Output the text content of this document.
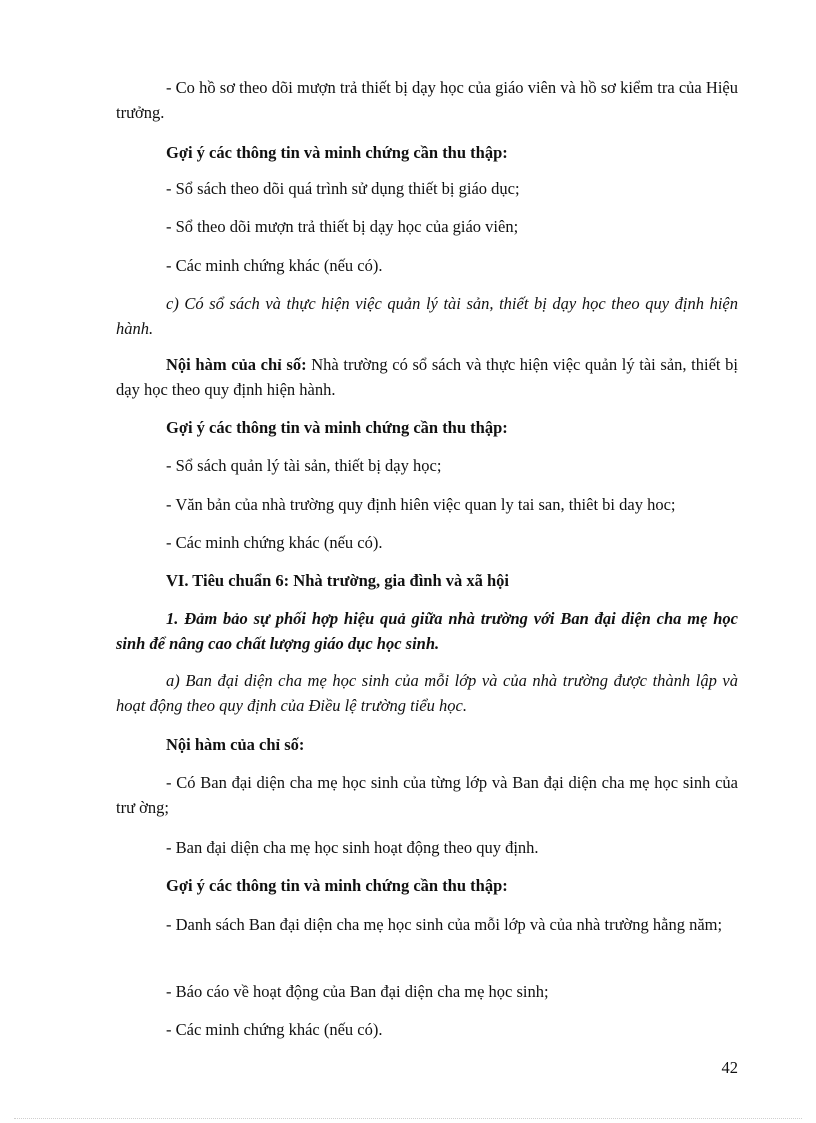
- Co hồ sơ theo dõi mượn trả thiết bị dạy học của giáo viên và hồ sơ kiểm tra của Hiệu trưởng.

Gợi ý các thông tin và minh chứng cần thu thập:

- Sổ sách theo dõi quá trình sử dụng thiết bị giáo dục;

- Sổ theo dõi mượn trả thiết bị dạy học của giáo viên;

- Các minh chứng khác (nếu có).

c) Có sổ sách và thực hiện việc quản lý tài sản, thiết bị dạy học theo quy định hiện hành.

Nội hàm của chỉ số: Nhà trường có sổ sách và thực hiện việc quản lý tài sản, thiết bị dạy học theo quy định hiện hành.

Gợi ý các thông tin và minh chứng cần thu thập:

- Sổ sách quản lý tài sản, thiết bị dạy học;

- Văn bản của nhà trường quy định hiên việc quan ly tai san, thiêt bi day hoc;

- Các minh chứng khác (nếu có).

VI. Tiêu chuẩn 6: Nhà trường, gia đình và xã hội

1. Đảm bảo sự phối hợp hiệu quả giữa nhà trường với Ban đại diện cha mẹ học sinh để nâng cao chất lượng giáo dục học sinh.

a) Ban đại diện cha mẹ học sinh của mỗi lớp và của nhà trường được thành lập và hoạt động theo quy định của Điều lệ trường tiểu học.

Nội hàm của chỉ số:

- Có Ban đại diện cha mẹ học sinh của từng lớp và Ban đại diện cha mẹ học sinh của trư ờng;

- Ban đại diện cha mẹ học sinh hoạt động theo quy định.

Gợi ý các thông tin và minh chứng cần thu thập:

- Danh sách Ban đại diện cha mẹ học sinh của mỗi lớp và của nhà trường hằng năm;

- Báo cáo về hoạt động của Ban đại diện cha mẹ học sinh;

- Các minh chứng khác (nếu có).

42
